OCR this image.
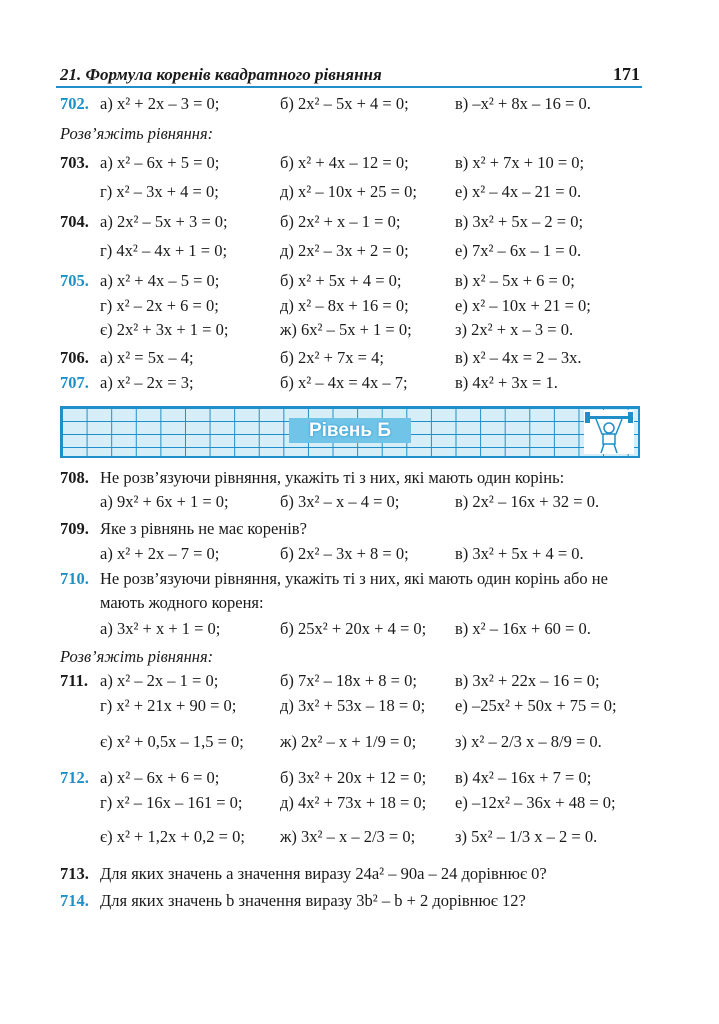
21. Формула коренів квадратного рівняння	171
702. а) x² + 2x – 3 = 0;	б) 2x² – 5x + 4 = 0;	в) –x² + 8x – 16 = 0.
Розв’яжіть рівняння:
703. а) x² – 6x + 5 = 0;	б) x² + 4x – 12 = 0;	в) x² + 7x + 10 = 0;
г) x² – 3x + 4 = 0;	д) x² – 10x + 25 = 0; е) x² – 4x – 21 = 0.
704. а) 2x² – 5x + 3 = 0;	б) 2x² + x – 1 = 0;	в) 3x² + 5x – 2 = 0;
г) 4x² – 4x + 1 = 0;	д) 2x² – 3x + 2 = 0;	е) 7x² – 6x – 1 = 0.
705. а) x² + 4x – 5 = 0;	б) x² + 5x + 4 = 0;	в) x² – 5x + 6 = 0;
г) x² – 2x + 6 = 0;	д) x² – 8x + 16 = 0;	е) x² – 10x + 21 = 0;
є) 2x² + 3x + 1 = 0;	ж) 6x² – 5x + 1 = 0;	з) 2x² + x – 3 = 0.
706. а) x² = 5x – 4;	б) 2x² + 7x = 4;	в) x² – 4x = 2 – 3x.
707. а) x² – 2x = 3;	б) x² – 4x = 4x – 7;	в) 4x² + 3x = 1.
Рівень Б
708. Не розв’язуючи рівняння, укажіть ті з них, які мають один корінь:
а) 9x² + 6x + 1 = 0;	б) 3x² – x – 4 = 0;	в) 2x² – 16x + 32 = 0.
709. Яке з рівнянь не має коренів?
а) x² + 2x – 7 = 0;	б) 2x² – 3x + 8 = 0;	в) 3x² + 5x + 4 = 0.
710. Не розв’язуючи рівняння, укажіть ті з них, які мають один корінь або не
мають жодного кореня:
а) 3x² + x + 1 = 0;	б) 25x² + 20x + 4 = 0; в) x² – 16x + 60 = 0.
Розв’яжіть рівняння:
711. а) x² – 2x – 1 = 0;	б) 7x² – 18x + 8 = 0; в) 3x² + 22x – 16 = 0;
г) x² + 21x + 90 = 0;	д) 3x² + 53x – 18 = 0; е) –25x² + 50x + 75 = 0;
є) x² + 0,5x – 1,5 = 0; ж) 2x² – x + 1/9 = 0; з) x² – 2/3 x – 8/9 = 0.
712. а) x² – 6x + 6 = 0;	б) 3x² + 20x + 12 = 0; в) 4x² – 16x + 7 = 0;
г) x² – 16x – 161 = 0; д) 4x² + 73x + 18 = 0; е) –12x² – 36x + 48 = 0;
є) x² + 1,2x + 0,2 = 0; ж) 3x² – x – 2/3 = 0; з) 5x² – 1/3 x – 2 = 0.
713. Для яких значень a значення виразу 24a² – 90a – 24 дорівнює 0?
714. Для яких значень b значення виразу 3b² – b + 2 дорівнює 12?
